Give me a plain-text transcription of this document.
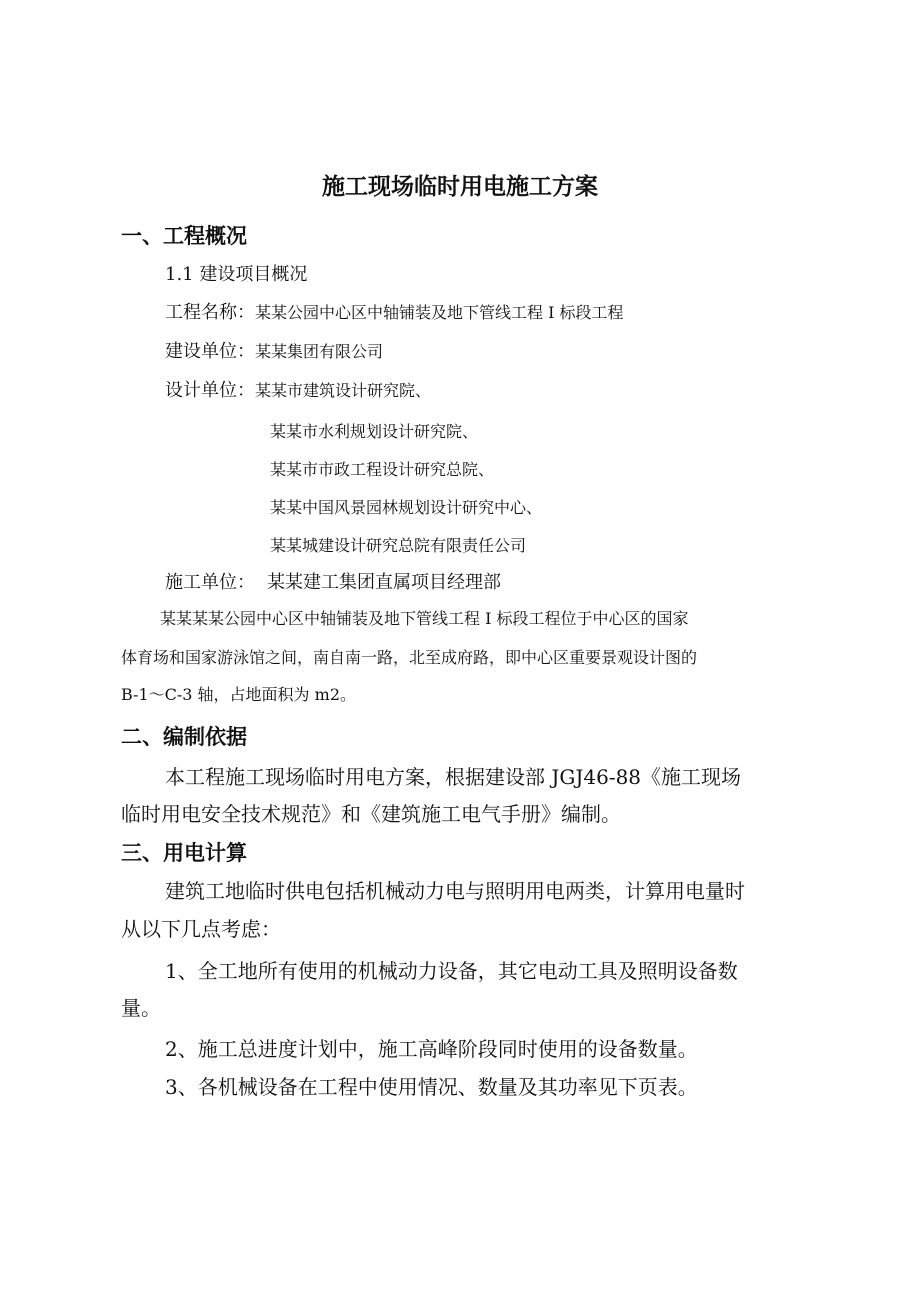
施工现场临时用电施工方案
一、工程概况
1.1 建设项目概况
工程名称：某某公园中心区中轴铺装及地下管线工程 I 标段工程
建设单位：某某集团有限公司
设计单位：某某市建筑设计研究院、
某某市水利规划设计研究院、
某某市市政工程设计研究总院、
某某中国风景园林规划设计研究中心、
某某城建设计研究总院有限责任公司
施工单位： 某某建工集团直属项目经理部
某某某某公园中心区中轴铺装及地下管线工程 I 标段工程位于中心区的国家
体育场和国家游泳馆之间，南自南一路，北至成府路，即中心区重要景观设计图的
B-1～C-3 轴，占地面积为 m2。
二、编制依据
本工程施工现场临时用电方案，根据建设部 JGJ46-88《施工现场
临时用电安全技术规范》和《建筑施工电气手册》编制。
三、用电计算
建筑工地临时供电包括机械动力电与照明用电两类，计算用电量时
从以下几点考虑：
1、全工地所有使用的机械动力设备，其它电动工具及照明设备数
量。
2、施工总进度计划中，施工高峰阶段同时使用的设备数量。
3、各机械设备在工程中使用情况、数量及其功率见下页表。
